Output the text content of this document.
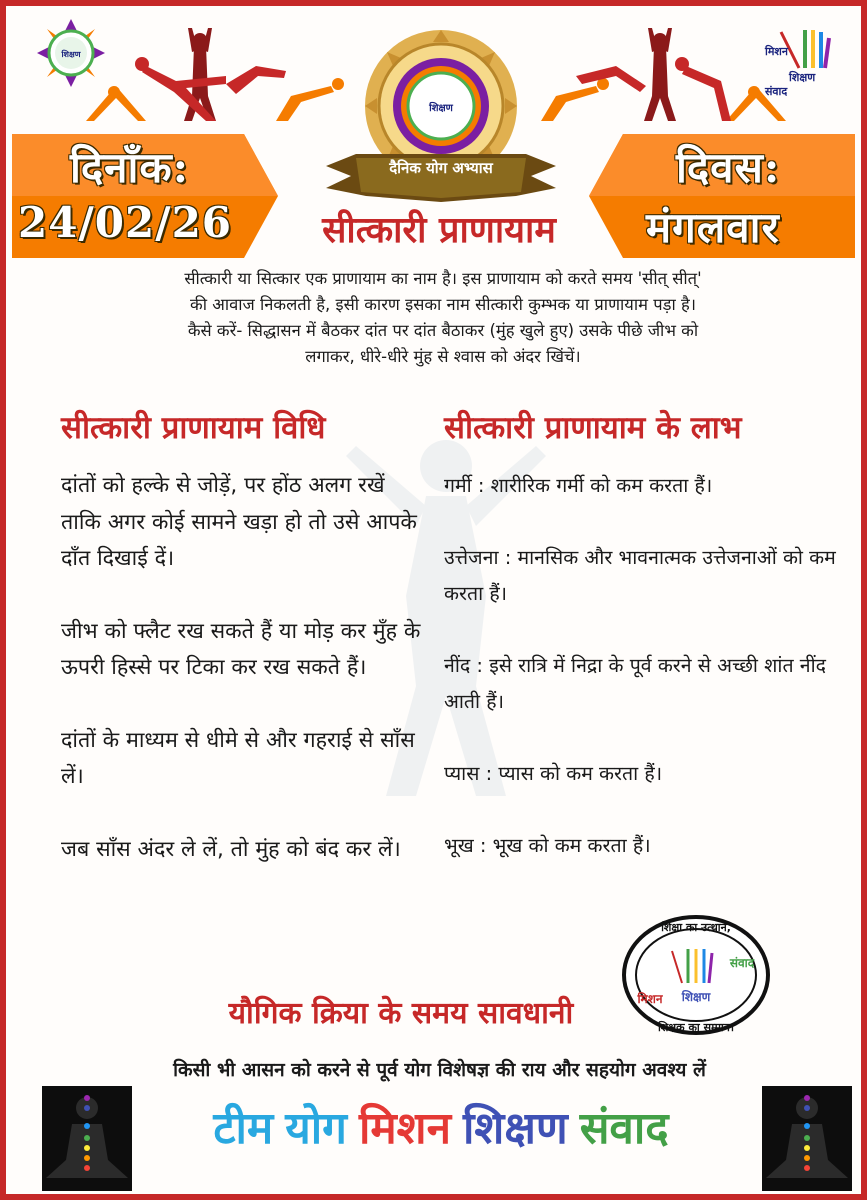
शिक्षण	मिशन
शिक्षण
संवाद
शिक्षण
दैनिक योग अभ्यास
दिनाँक:
24/02/26
दिवस:
मंगलवार
सीत्कारी प्राणायाम
सीत्कारी या सित्कार एक प्राणायाम का नाम है। इस प्राणायाम को करते समय 'सीत् सीत्'
की आवाज निकलती है, इसी कारण इसका नाम सीत्कारी कुम्भक या प्राणायाम पड़ा है।
कैसे करें- सिद्धासन में बैठकर दांत पर दांत बैठाकर (मुंह खुले हुए) उसके पीछे जीभ को
लगाकर, धीरे-धीरे मुंह से श्वास को अंदर खिंचें।
सीत्कारी प्राणायाम विधि	सीत्कारी प्राणायाम के लाभ

दांतों को हल्के से जोड़ें, पर होंठ अलग रखें ताकि अगर कोई सामने खड़ा हो तो उसे आपके दाँत दिखाई दें।

जीभ को फ्लैट रख सकते हैं या मोड़ कर मुँह के ऊपरी हिस्से पर टिका कर रख सकते हैं।

दांतों के माध्यम से धीमे से और गहराई से साँस लें।

जब साँस अंदर ले लें, तो मुंह को बंद कर लें।

गर्मी : शारीरिक गर्मी को कम करता हैं।

उत्तेजना : मानसिक और भावनात्मक उत्तेजनाओं को कम करता हैं।

नींद : इसे रात्रि में निद्रा के पूर्व करने से अच्छी शांत नींद आती हैं।

प्यास : प्यास को कम करता हैं।

भूख : भूख को कम करता हैं।

शिक्षा का उत्थान,
शिक्षक का सम्मान।
मिशन शिक्षण
संवाद
यौगिक क्रिया के समय सावधानी
किसी भी आसन को करने से पूर्व योग विशेषज्ञ की राय और सहयोग अवश्य लें
टीम योग मिशन शिक्षण संवाद
